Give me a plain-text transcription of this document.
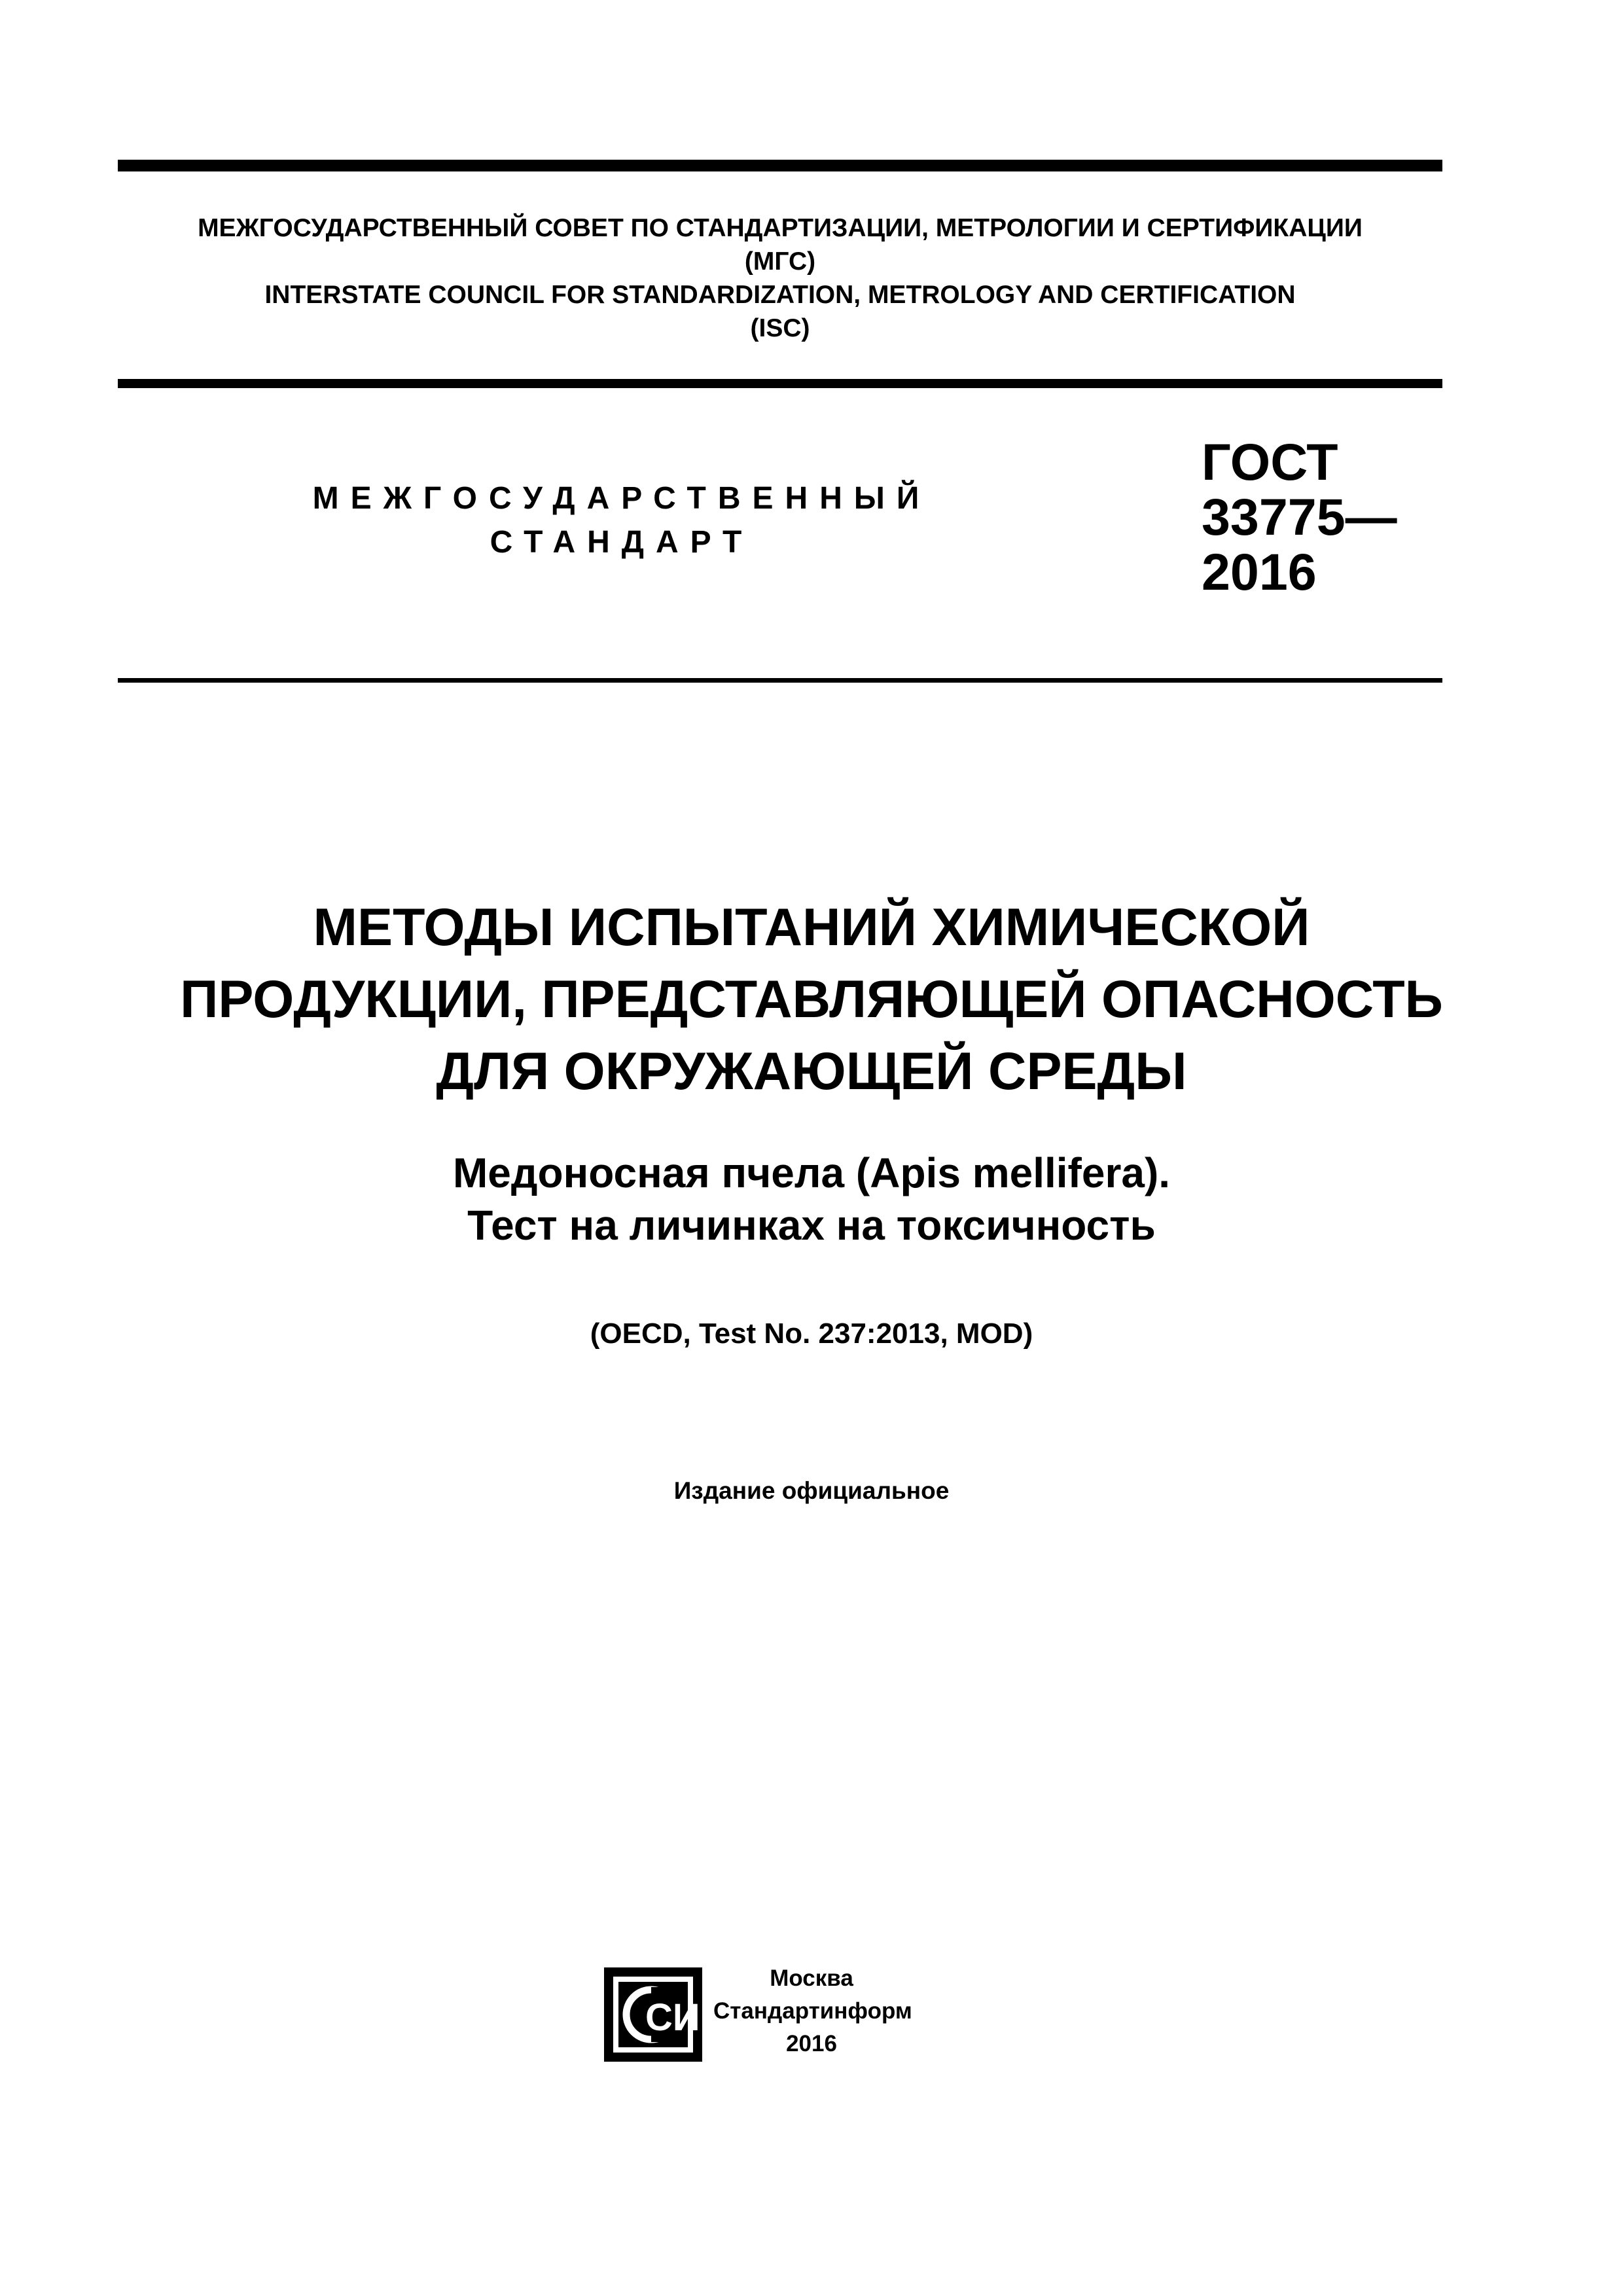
МЕЖГОСУДАРСТВЕННЫЙ СОВЕТ ПО СТАНДАРТИЗАЦИИ, МЕТРОЛОГИИ И СЕРТИФИКАЦИИ
(МГС)
INTERSTATE COUNCIL FOR STANDARDIZATION, METROLOGY AND CERTIFICATION
(ISC)
МЕЖГОСУДАРСТВЕННЫЙ
СТАНДАРТ
ГОСТ
33775—
2016
МЕТОДЫ ИСПЫТАНИЙ ХИМИЧЕСКОЙ
ПРОДУКЦИИ, ПРЕДСТАВЛЯЮЩЕЙ ОПАСНОСТЬ
ДЛЯ ОКРУЖАЮЩЕЙ СРЕДЫ
Медоносная пчела (Apis mellifera).
Тест на личинках на токсичность
(OECD, Test No. 237:2013, MOD)
Издание официальное
СИ
Москва
Стандартинформ
2016
